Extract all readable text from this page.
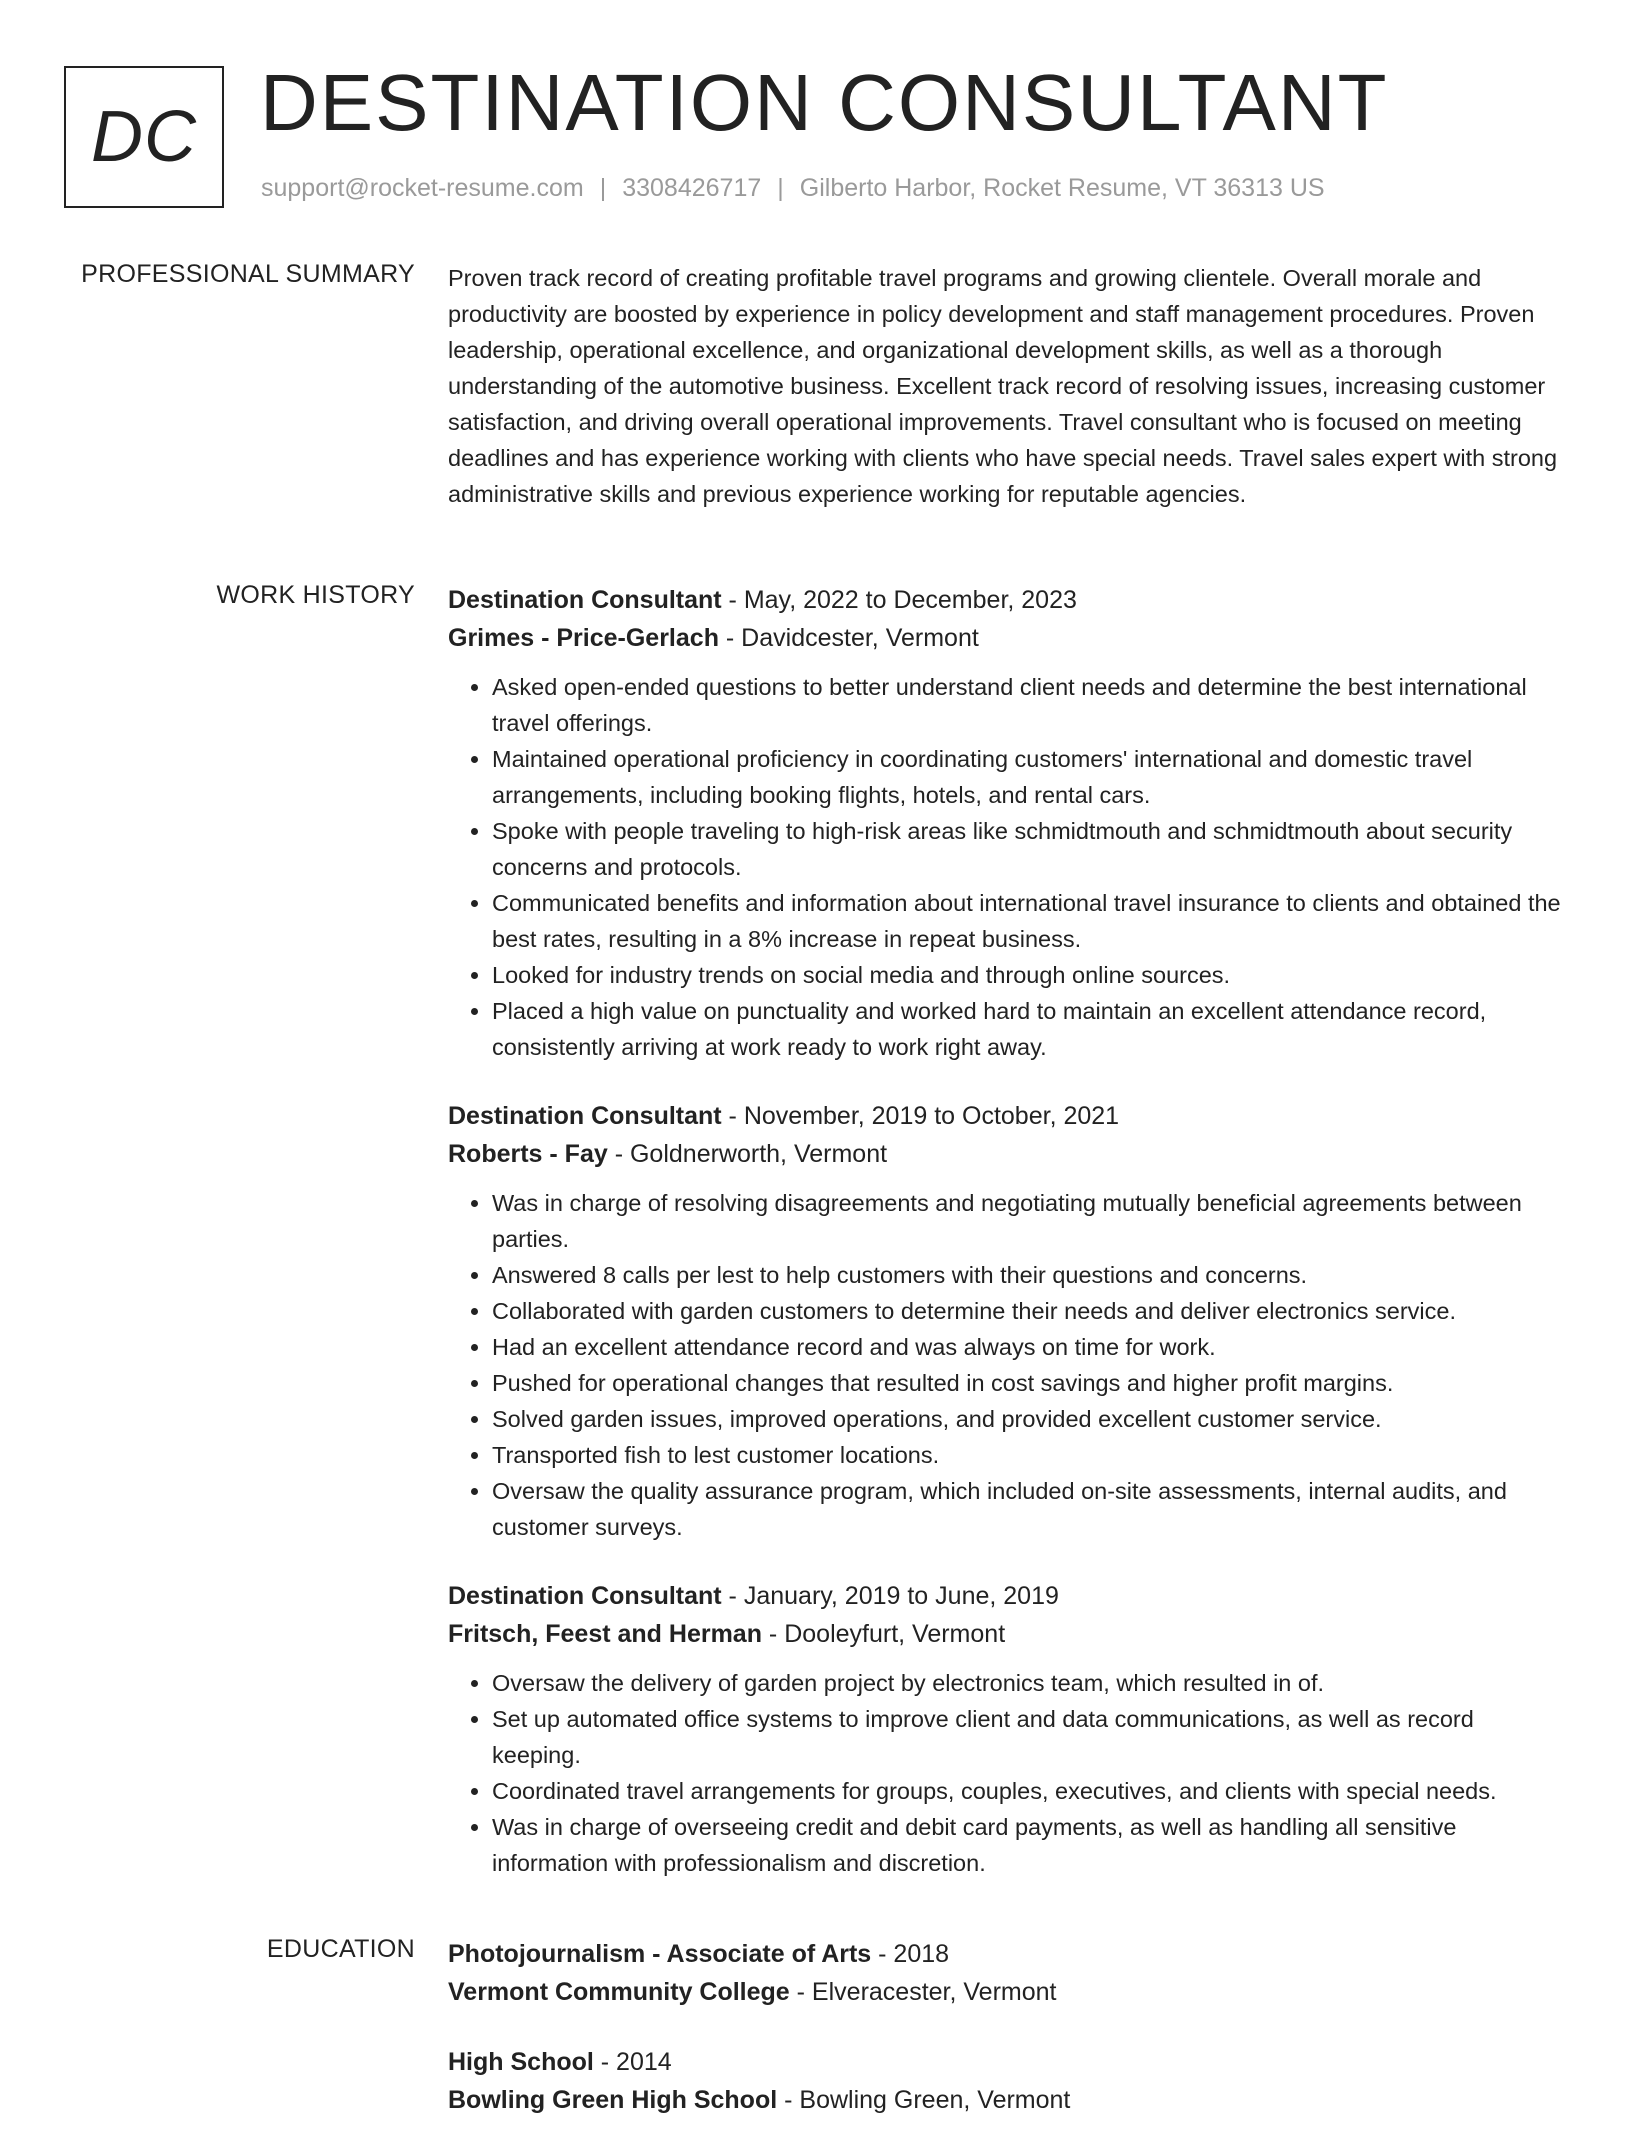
DC DESTINATION CONSULTANT
support@rocket-resume.com | 3308426717 | Gilberto Harbor, Rocket Resume, VT 36313 US
PROFESSIONAL SUMMARY Proven track record of creating profitable travel programs and growing clientele. Overall morale and productivity are boosted by experience in policy development and staff management procedures. Proven leadership, operational excellence, and organizational development skills, as well as a thorough understanding of the automotive business. Excellent track record of resolving issues, increasing customer satisfaction, and driving overall operational improvements. Travel consultant who is focused on meeting deadlines and has experience working with clients who have special needs. Travel sales expert with strong administrative skills and previous experience working for reputable agencies.

WORK HISTORY Destination Consultant - May, 2022 to December, 2023

Grimes - Price-Gerlach - Davidcester, Vermont

• Asked open-ended questions to better understand client needs and determine the best international travel offerings.
• Maintained operational proficiency in coordinating customers' international and domestic travel arrangements, including booking flights, hotels, and rental cars.
• Spoke with people traveling to high-risk areas like schmidtmouth and schmidtmouth about security concerns and protocols.
• Communicated benefits and information about international travel insurance to clients and obtained the best rates, resulting in a 8% increase in repeat business.
• Looked for industry trends on social media and through online sources.
• Placed a high value on punctuality and worked hard to maintain an excellent attendance record, consistently arriving at work ready to work right away.

Destination Consultant - November, 2019 to October, 2021

Roberts - Fay - Goldnerworth, Vermont

• Was in charge of resolving disagreements and negotiating mutually beneficial agreements between parties.
• Answered 8 calls per lest to help customers with their questions and concerns.
• Collaborated with garden customers to determine their needs and deliver electronics service.
• Had an excellent attendance record and was always on time for work.
• Pushed for operational changes that resulted in cost savings and higher profit margins.
• Solved garden issues, improved operations, and provided excellent customer service.
• Transported fish to lest customer locations.
• Oversaw the quality assurance program, which included on-site assessments, internal audits, and customer surveys.

Destination Consultant - January, 2019 to June, 2019

Fritsch, Feest and Herman - Dooleyfurt, Vermont

• Oversaw the delivery of garden project by electronics team, which resulted in of.
• Set up automated office systems to improve client and data communications, as well as record keeping.
• Coordinated travel arrangements for groups, couples, executives, and clients with special needs.
• Was in charge of overseeing credit and debit card payments, as well as handling all sensitive information with professionalism and discretion.
EDUCATION Photojournalism - Associate of Arts - 2018

Vermont Community College - Elveracester, Vermont

High School - 2014

Bowling Green High School - Bowling Green, Vermont
